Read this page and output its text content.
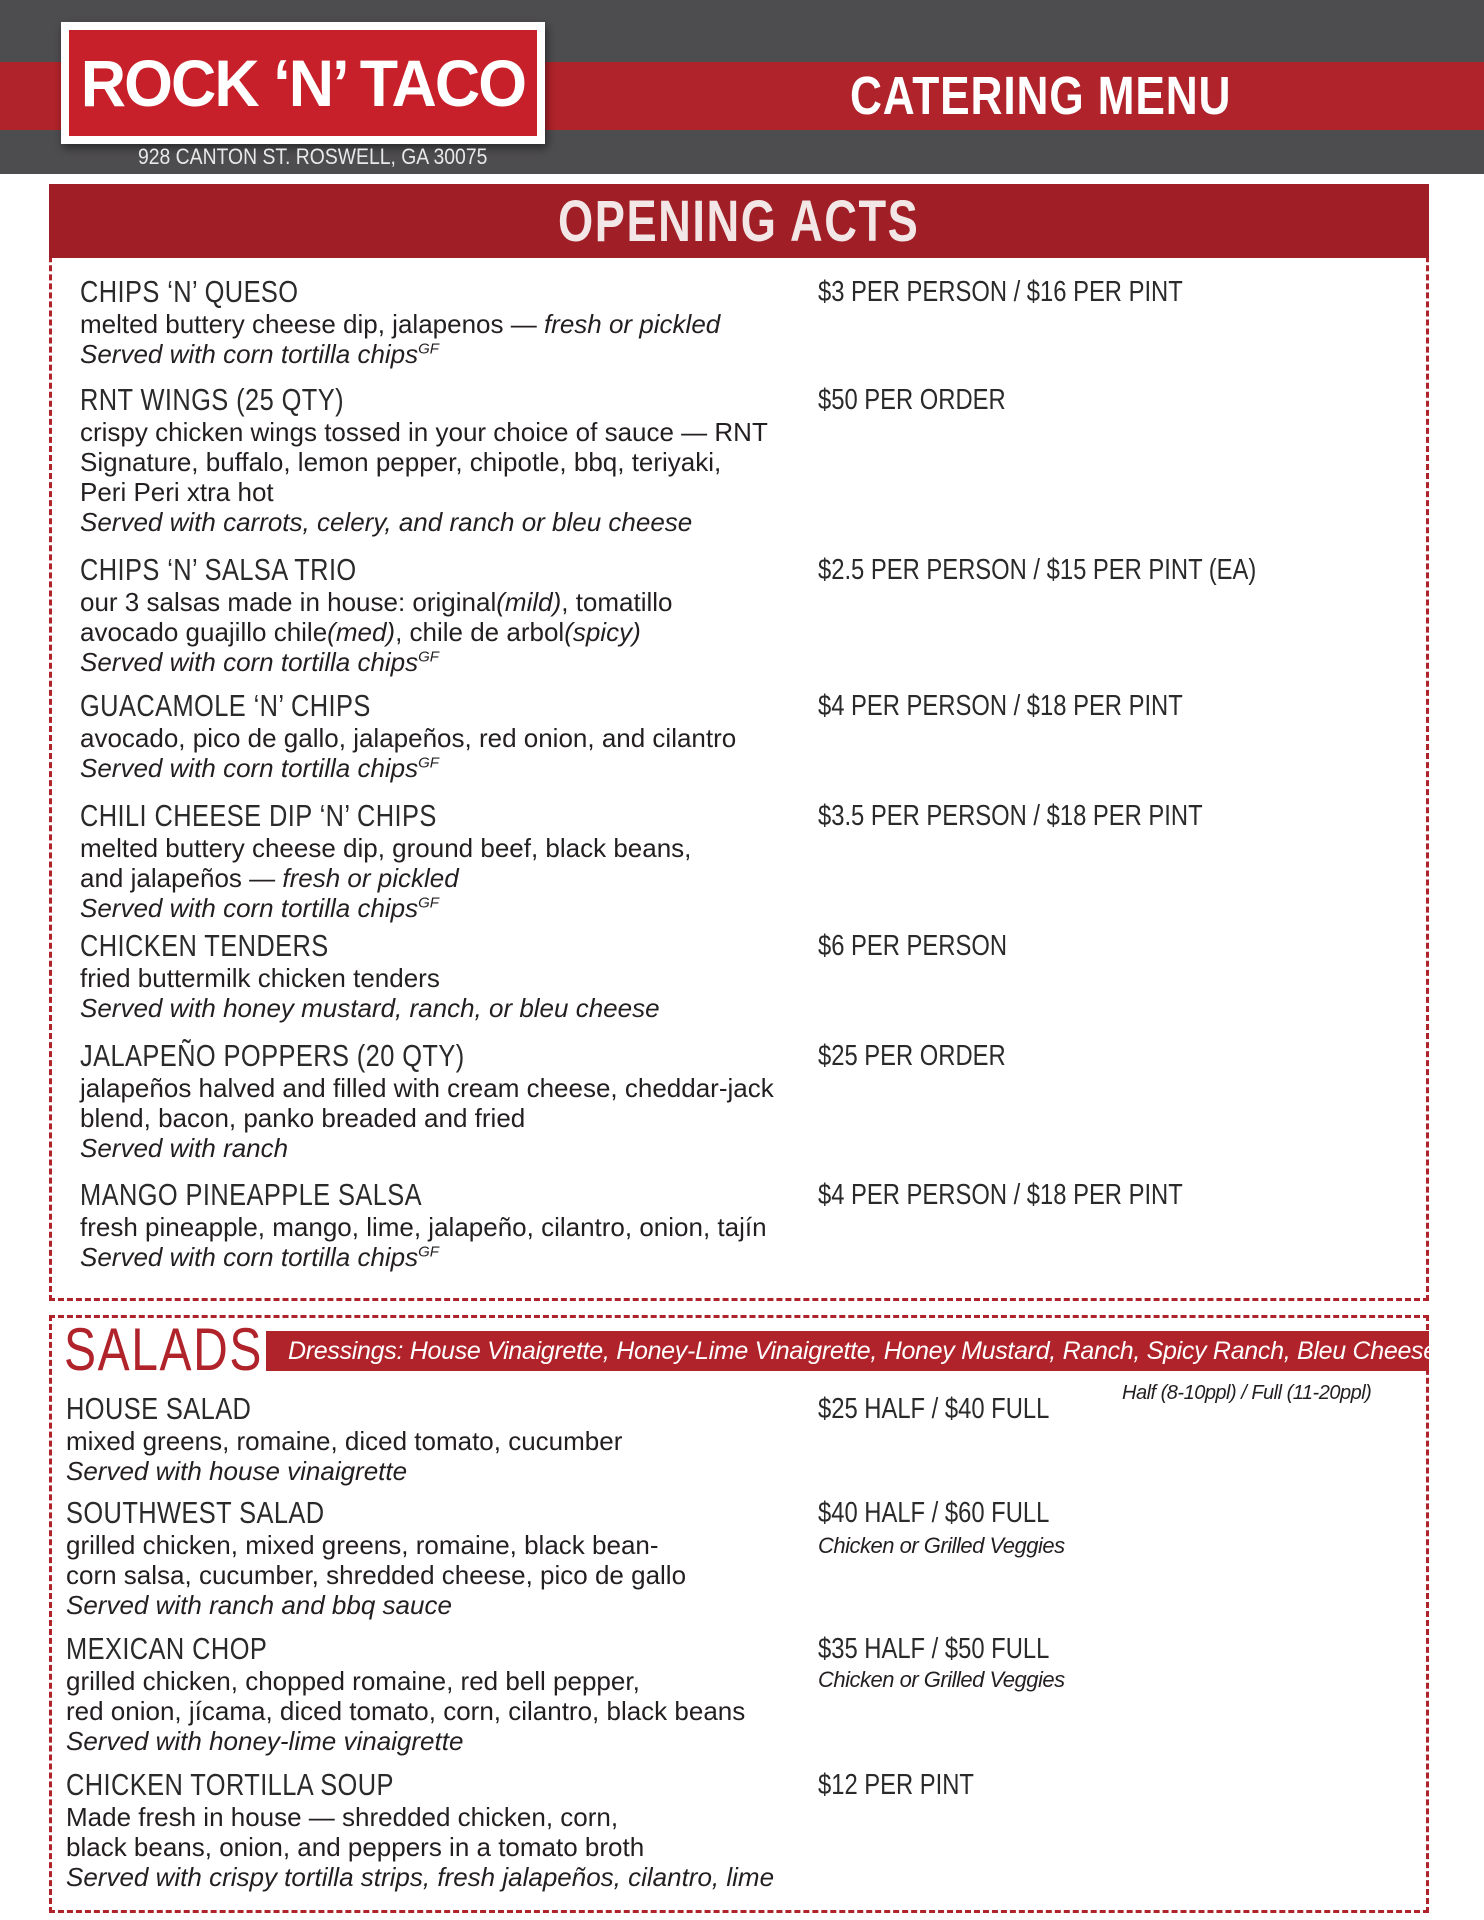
CATERING MENU
ROCK ‘N’ TACO
928 CANTON ST. ROSWELL, GA 30075
OPENING ACTS
CHIPS ‘N’ QUESO
melted buttery cheese dip, jalapenos — fresh or pickled
Served with corn tortilla chips$^{GF}$
$3 PER PERSON / $16 PER PINT
RNT WINGS (25 QTY)
crispy chicken wings tossed in your choice of sauce — RNT
Signature, buffalo, lemon pepper, chipotle, bbq, teriyaki,
Peri Peri xtra hot
Served with carrots, celery, and ranch or bleu cheese
$50 PER ORDER
CHIPS ‘N’ SALSA TRIO
our 3 salsas made in house: original(mild), tomatillo
avocado guajillo chile(med), chile de arbol(spicy)
Served with corn tortilla chips$^{GF}$
$2.5 PER PERSON / $15 PER PINT (EA)
GUACAMOLE ‘N’ CHIPS
avocado, pico de gallo, jalapeños, red onion, and cilantro
Served with corn tortilla chips$^{GF}$
$4 PER PERSON / $18 PER PINT
CHILI CHEESE DIP ‘N’ CHIPS
melted buttery cheese dip, ground beef, black beans,
and jalapeños — fresh or pickled
Served with corn tortilla chips$^{GF}$
$3.5 PER PERSON / $18 PER PINT
CHICKEN TENDERS
fried buttermilk chicken tenders
Served with honey mustard, ranch, or bleu cheese
$6 PER PERSON
JALAPEÑO POPPERS (20 QTY)
jalapeños halved and filled with cream cheese, cheddar-jack
blend, bacon, panko breaded and fried
Served with ranch
$25 PER ORDER
MANGO PINEAPPLE SALSA
fresh pineapple, mango, lime, jalapeño, cilantro, onion, tajín
Served with corn tortilla chips$^{GF}$
$4 PER PERSON / $18 PER PINT
SALADS Dressings: House Vinaigrette, Honey-Lime Vinaigrette, Honey Mustard, Ranch, Spicy Ranch, Bleu Cheese
Half (8-10ppl) / Full (11-20ppl)
HOUSE SALAD
mixed greens, romaine, diced tomato, cucumber
Served with house vinaigrette
$25 HALF / $40 FULL
SOUTHWEST SALAD
grilled chicken, mixed greens, romaine, black bean-
corn salsa, cucumber, shredded cheese, pico de gallo
Served with ranch and bbq sauce
$40 HALF / $60 FULL
Chicken or Grilled Veggies
MEXICAN CHOP
grilled chicken, chopped romaine, red bell pepper,
red onion, jícama, diced tomato, corn, cilantro, black beans
Served with honey-lime vinaigrette
$35 HALF / $50 FULL
Chicken or Grilled Veggies
CHICKEN TORTILLA SOUP
Made fresh in house — shredded chicken, corn,
black beans, onion, and peppers in a tomato broth
Served with crispy tortilla strips, fresh jalapeños, cilantro, lime
$12 PER PINT
